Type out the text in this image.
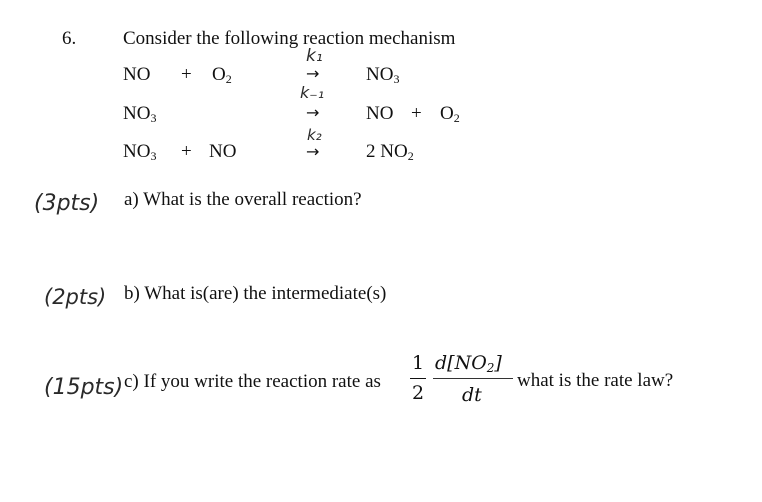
6. Consider the following reaction mechanism
NO + $O_2$
k₁
→ $NO_3$
$NO_3$
k₋₁
→ NO + $O_2$
$NO_3$ + NO
k₂
→ 2 $NO_2$
(3pts) a) What is the overall reaction?
(2pts) b) What is(are) the intermediate(s)
(15pts) c) If you write the reaction rate as
1
2
$d[NO_2]$
dt
what is the rate law?
